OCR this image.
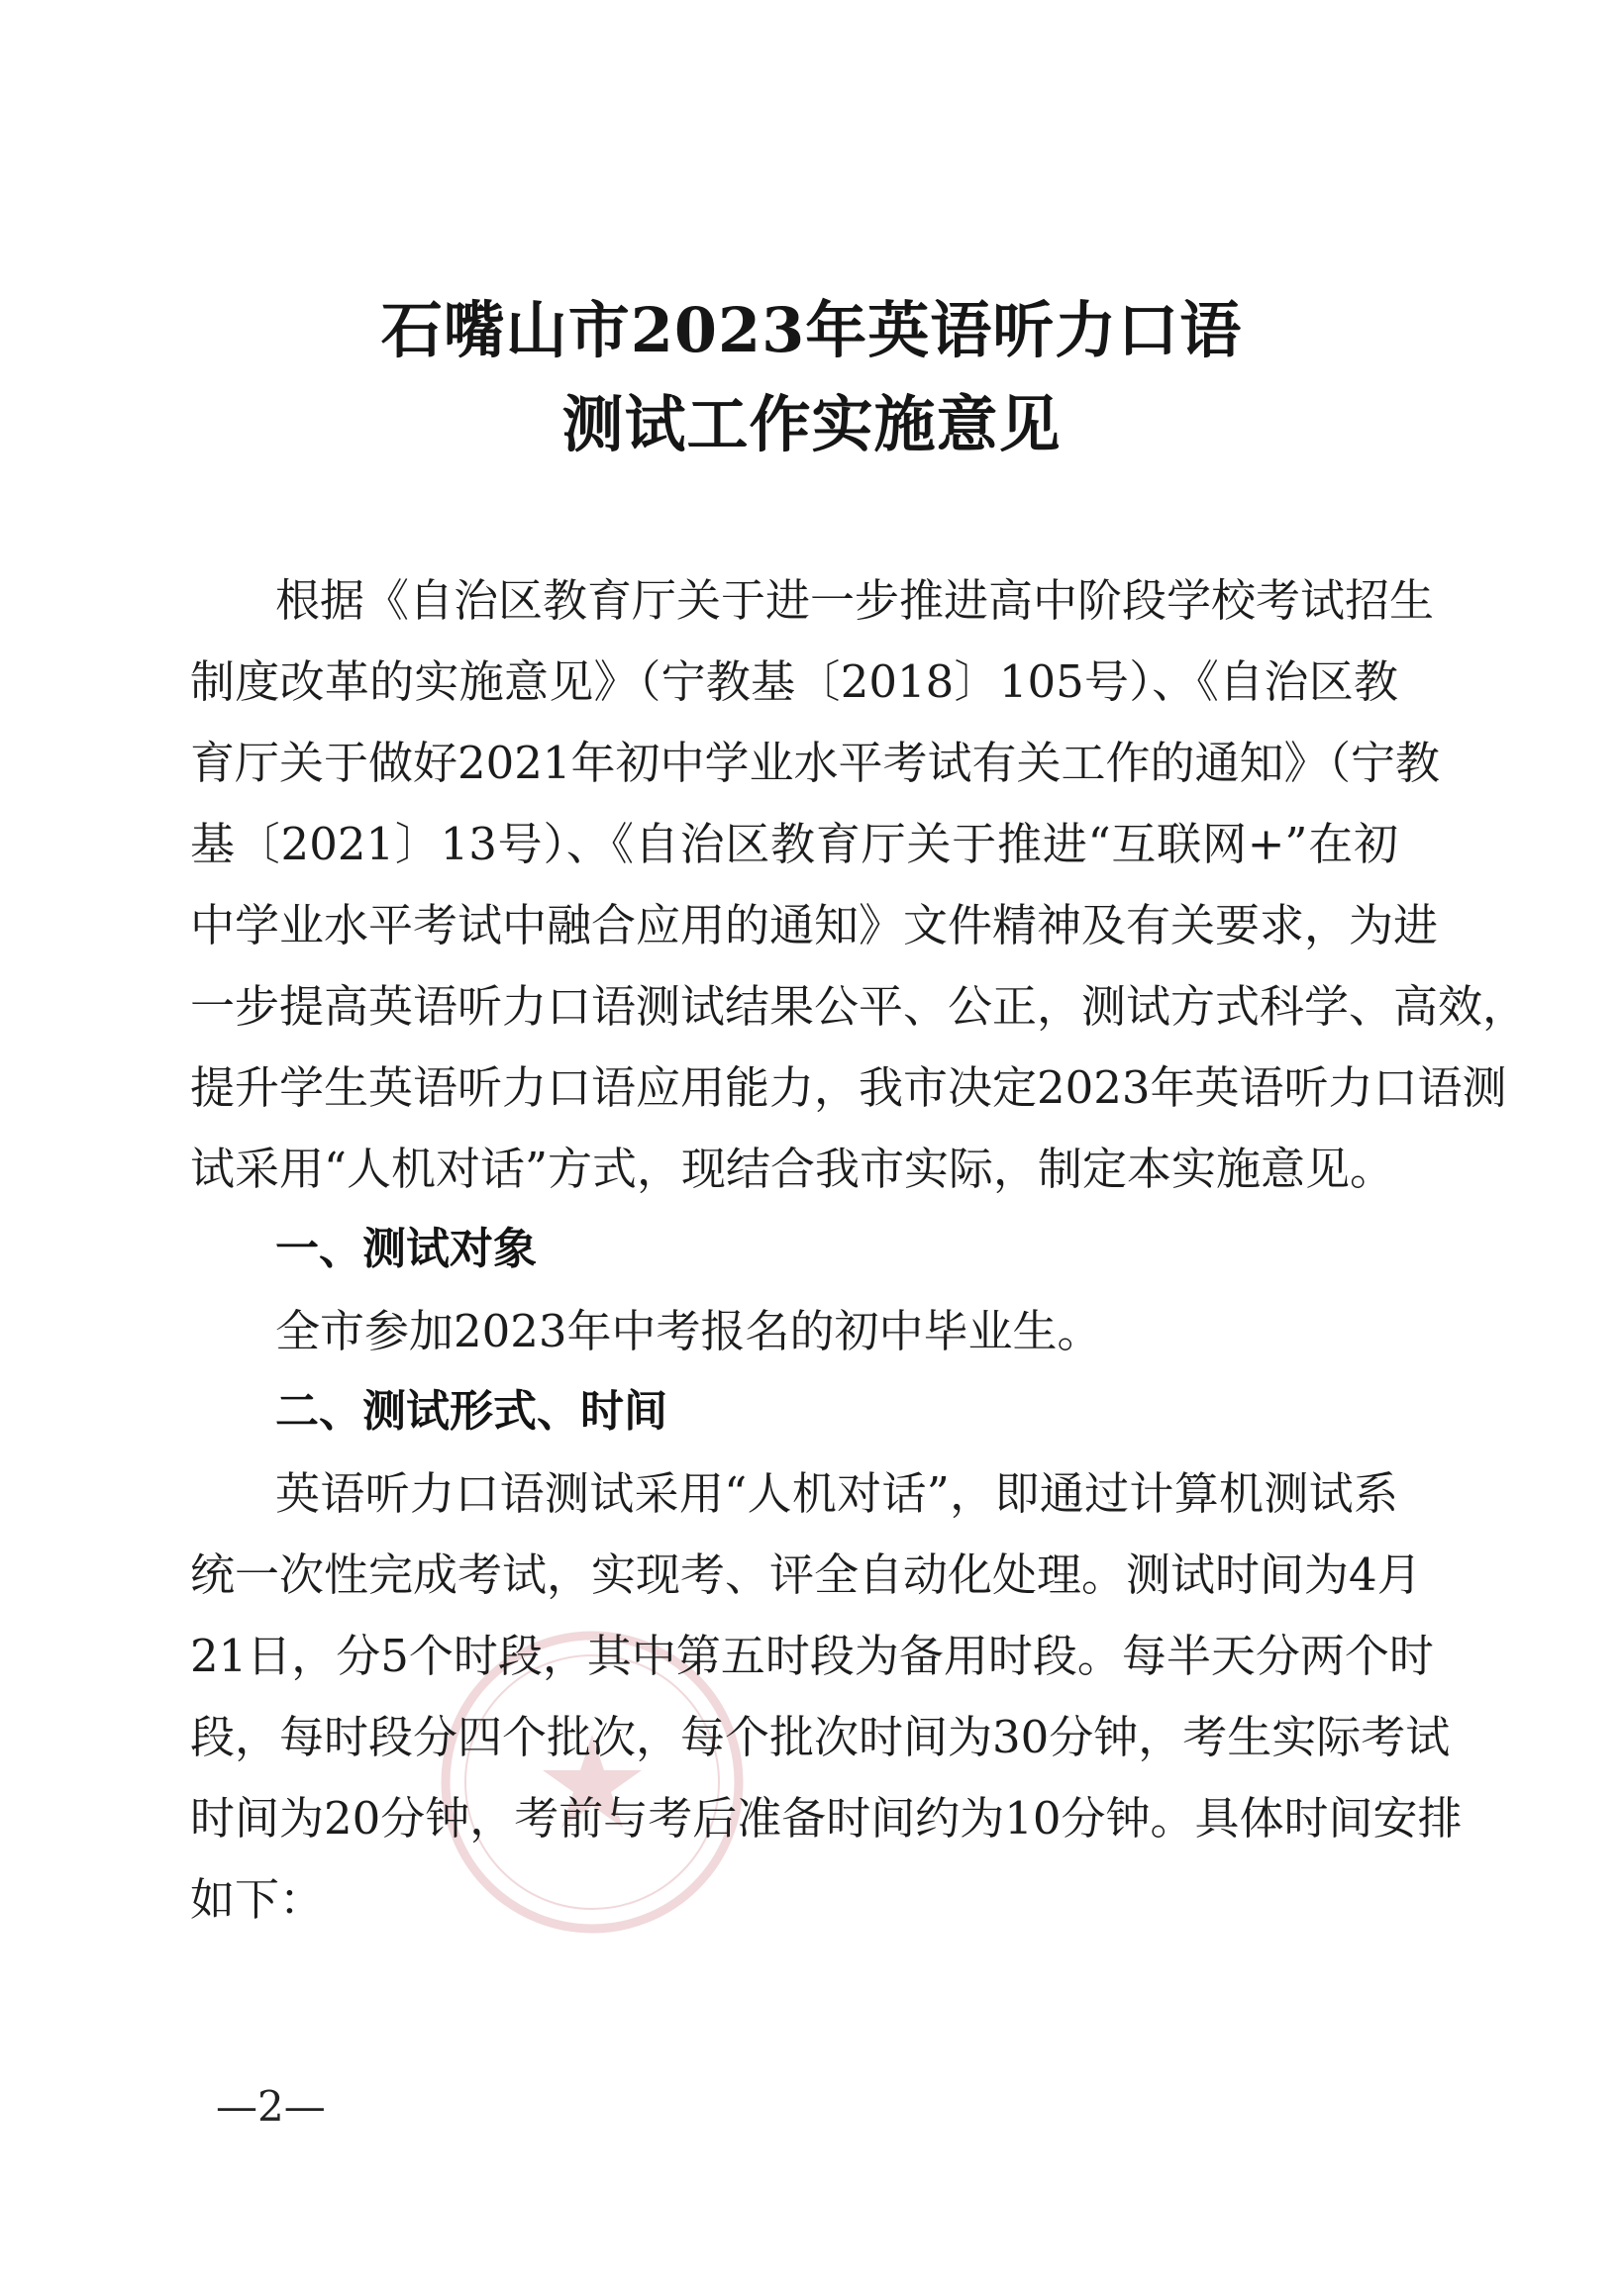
石嘴山市2023年英语听力口语
测试工作实施意见
根据《自治区教育厅关于进一步推进高中阶段学校考试招生
制度改革的实施意见》（宁教基〔2018〕105号）、《自治区教
育厅关于做好2021年初中学业水平考试有关工作的通知》（宁教
基〔2021〕13号）、《自治区教育厅关于推进“互联网+”在初
中学业水平考试中融合应用的通知》文件精神及有关要求，为进
一步提高英语听力口语测试结果公平、公正，测试方式科学、高效，
提升学生英语听力口语应用能力，我市决定2023年英语听力口语测
试采用“人机对话”方式，现结合我市实际，制定本实施意见。
一、测试对象
全市参加2023年中考报名的初中毕业生。
二、测试形式、时间
英语听力口语测试采用“人机对话”，即通过计算机测试系
统一次性完成考试，实现考、评全自动化处理。测试时间为4月
21日，分5个时段，其中第五时段为备用时段。每半天分两个时
段，每时段分四个批次，每个批次时间为30分钟，考生实际考试
时间为20分钟，考前与考后准备时间约为10分钟。具体时间安排
如下：
—2—
